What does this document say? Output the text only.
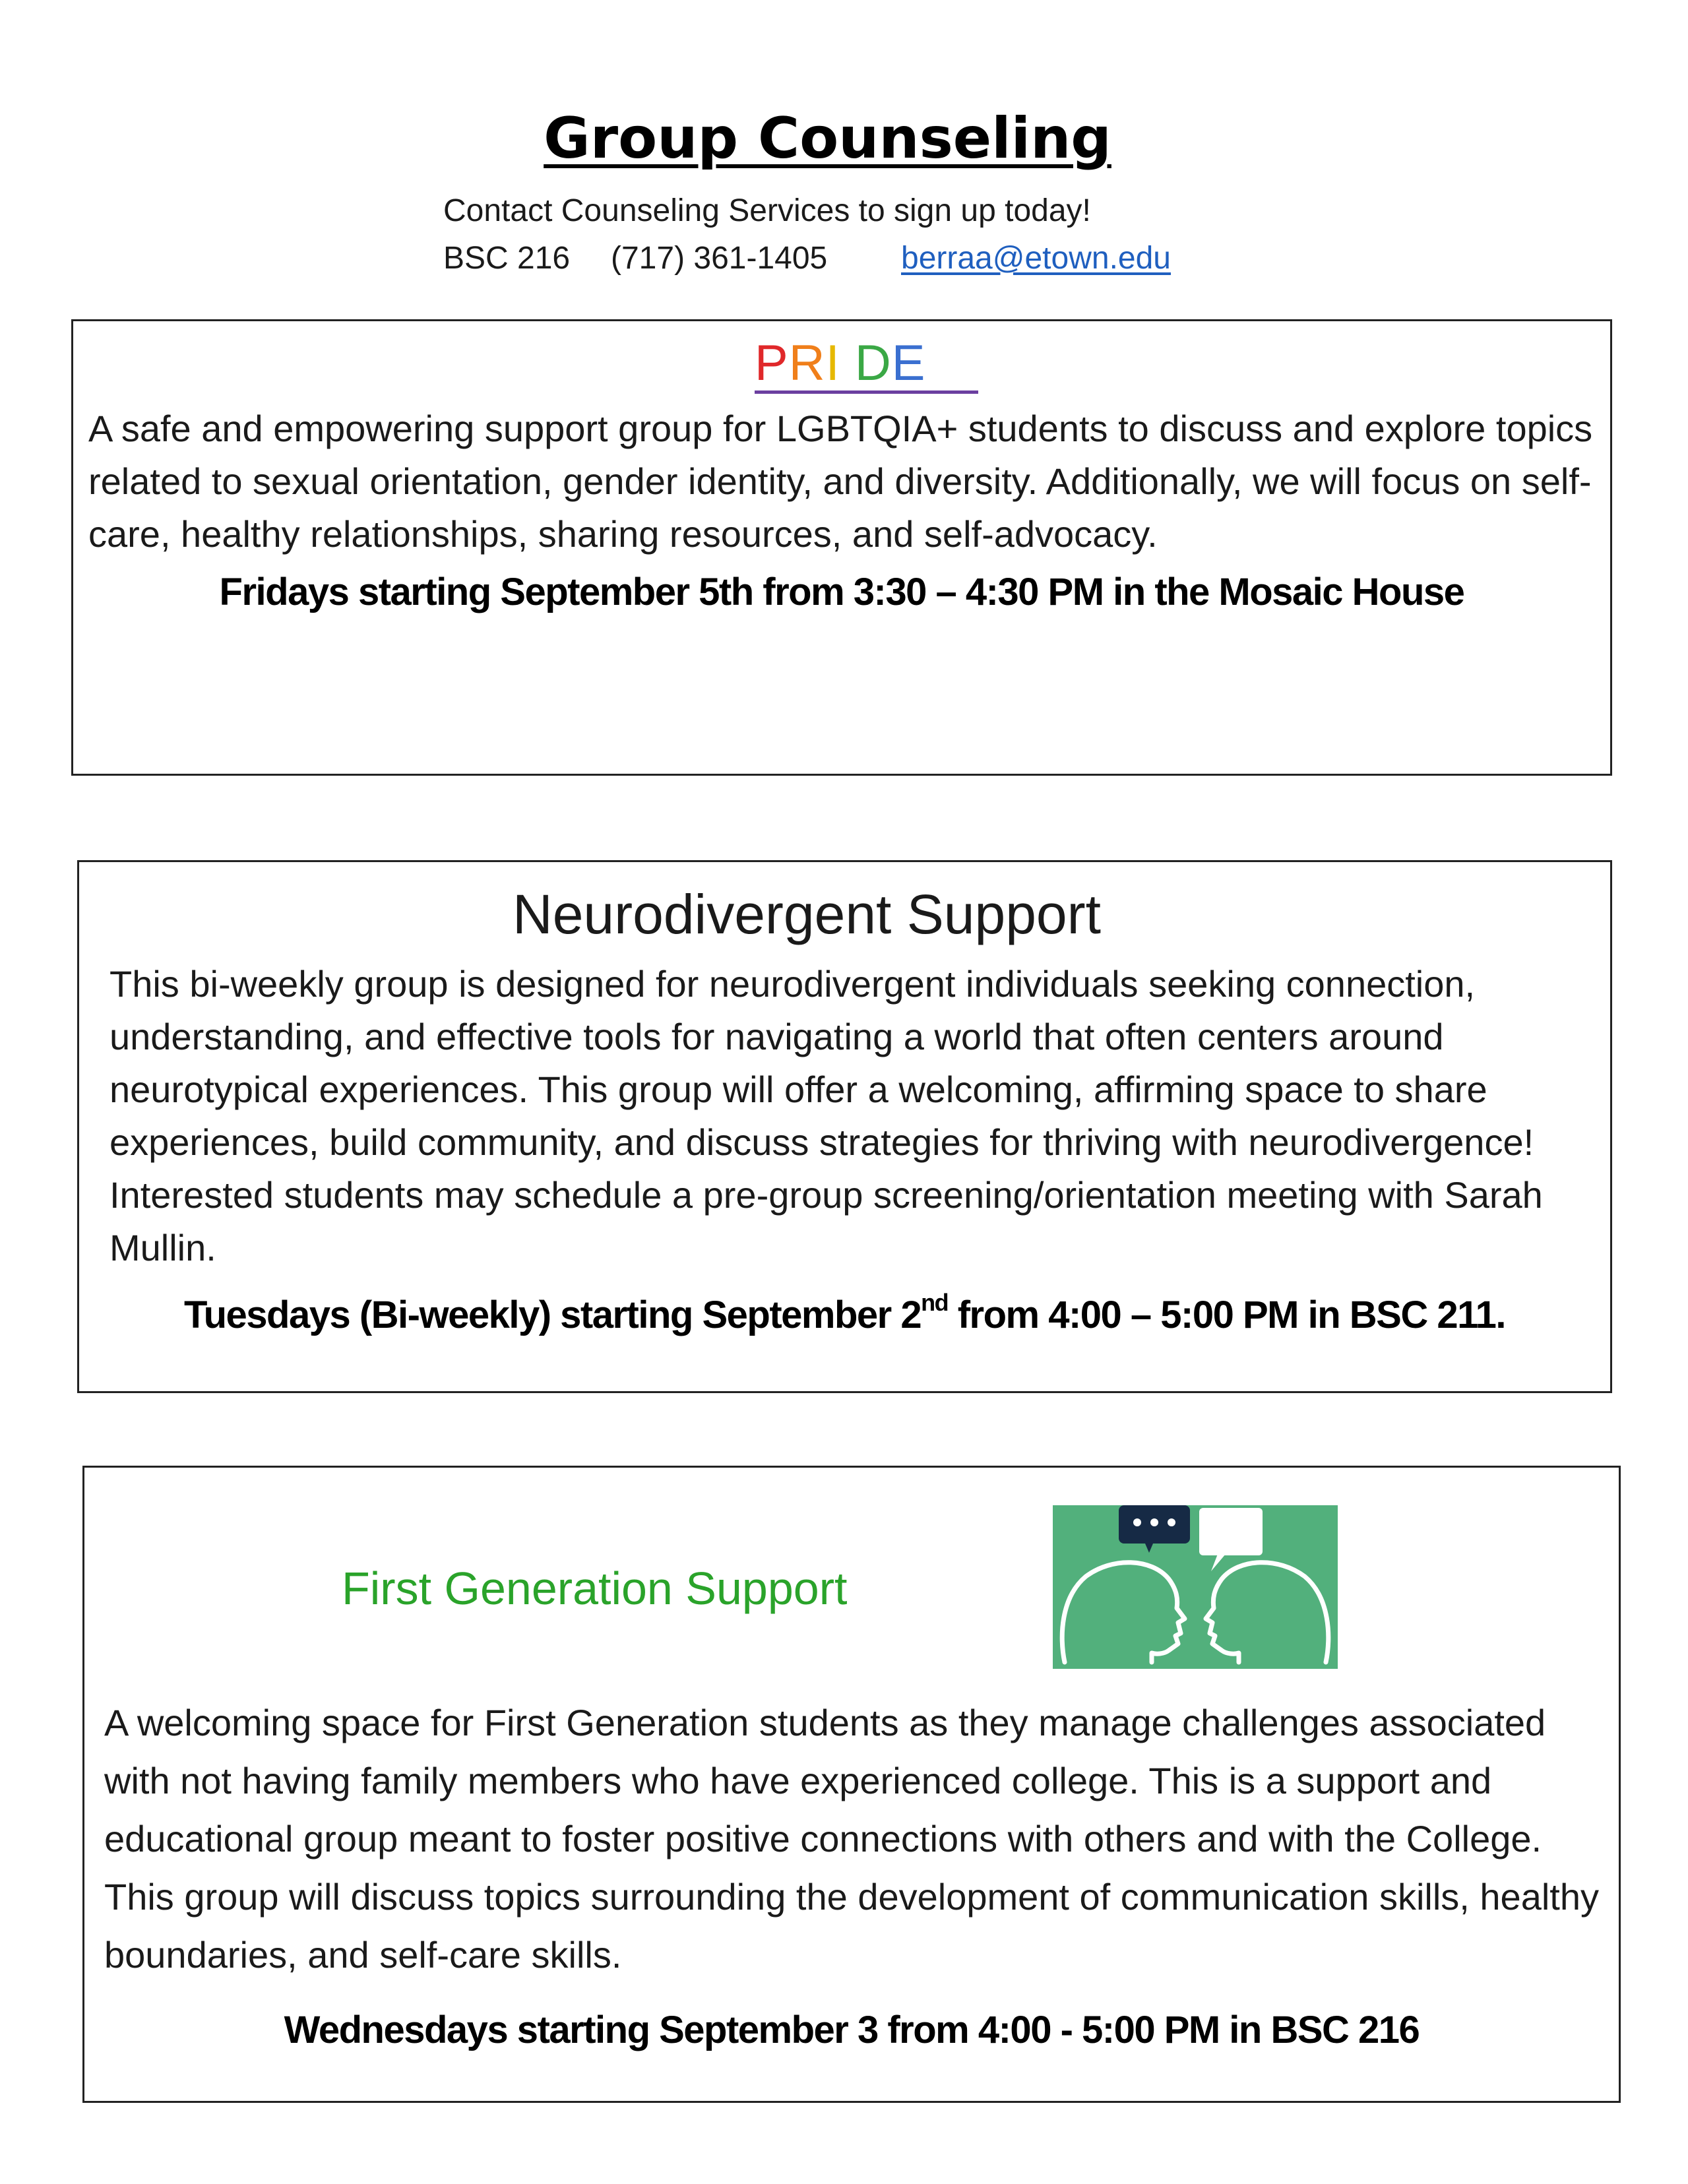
Group Counseling
Contact Counseling Services to sign up today!
BSC 216 (717) 361-1405 berraa@etown.edu
PRI DE
A safe and empowering support group for LGBTQIA+ students to discuss and explore topics related to sexual orientation, gender identity, and diversity. Additionally, we will focus on self-care, healthy relationships, sharing resources, and self-advocacy.
Fridays starting September 5th from 3:30 – 4:30 PM in the Mosaic House
Neurodivergent Support
This bi-weekly group is designed for neurodivergent individuals seeking connection, understanding, and effective tools for navigating a world that often centers around neurotypical experiences. This group will offer a welcoming, affirming space to share experiences, build community, and discuss strategies for thriving with neurodivergence! Interested students may schedule a pre-group screening/orientation meeting with Sarah Mullin.
Tuesdays (Bi-weekly) starting September 2nd from 4:00 – 5:00 PM in BSC 211.
First Generation Support
A welcoming space for First Generation students as they manage challenges associated with not having family members who have experienced college. This is a support and educational group meant to foster positive connections with others and with the College. This group will discuss topics surrounding the development of communication skills, healthy boundaries, and self-care skills.
Wednesdays starting September 3 from 4:00 - 5:00 PM in BSC 216
